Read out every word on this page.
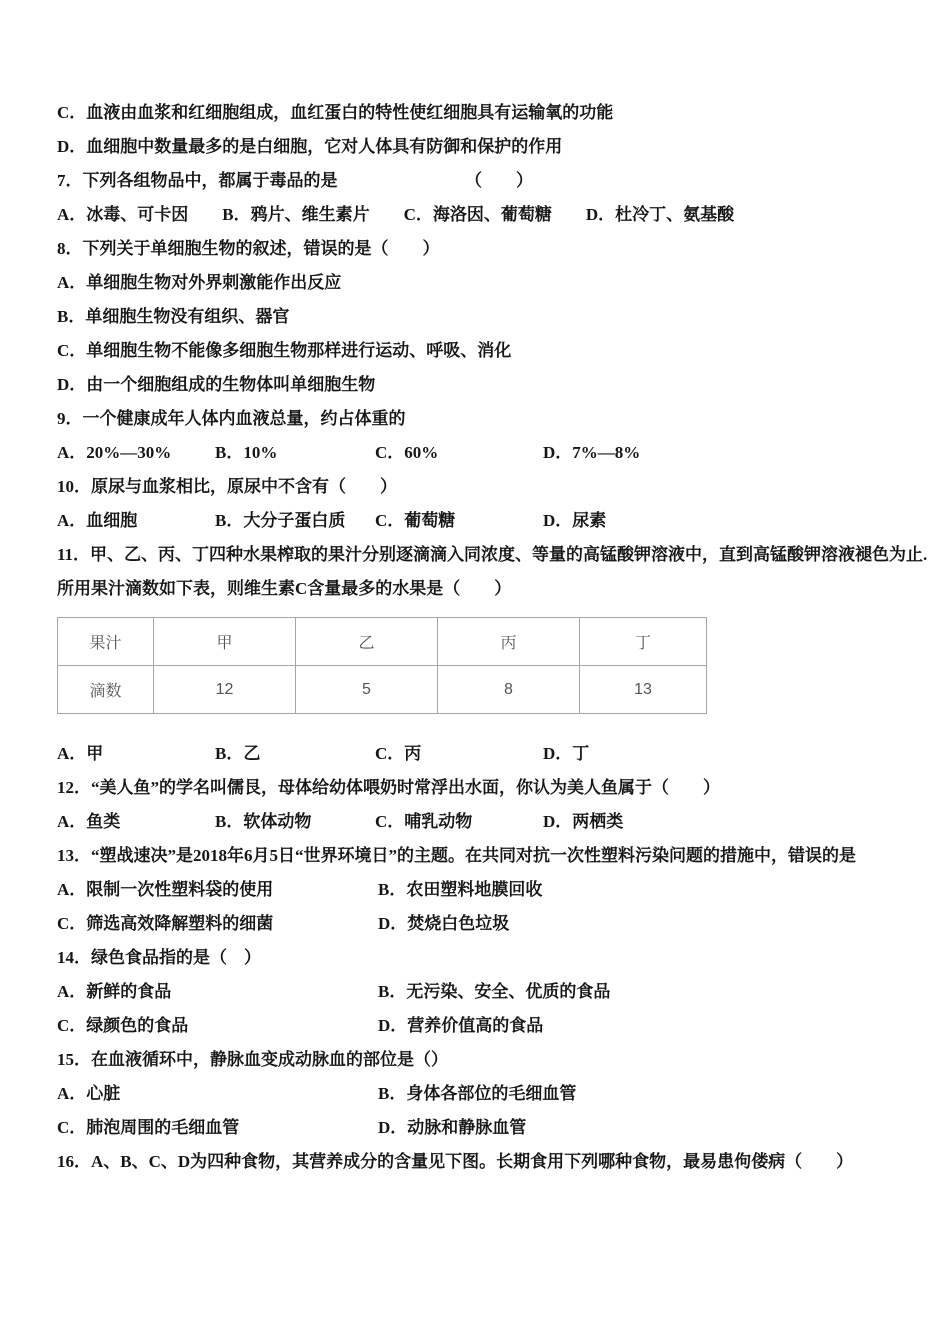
C．血液由血浆和红细胞组成，血红蛋白的特性使红细胞具有运输氧的功能
D．血细胞中数量最多的是白细胞，它对人体具有防御和保护的作用
7．下列各组物品中，都属于毒品的是　　　　　　　　（　　）
A．冰毒、可卡因　　B．鸦片、维生素片　　C．海洛因、葡萄糖　　D．杜冷丁、氨基酸
8．下列关于单细胞生物的叙述，错误的是（　　）
A．单细胞生物对外界刺激能作出反应
B．单细胞生物没有组织、器官
C．单细胞生物不能像多细胞生物那样进行运动、呼吸、消化
D．由一个细胞组成的生物体叫单细胞生物
9．一个健康成年人体内血液总量，约占体重的
A．20%—30%	B．10%	C．60%	D．7%—8%
10．原尿与血浆相比，原尿中不含有（　　）
A．血细胞	B．大分子蛋白质	C．葡萄糖	D．尿素
11．甲、乙、丙、丁四种水果榨取的果汁分别逐滴滴入同浓度、等量的高锰酸钾溶液中，直到高锰酸钾溶液褪色为止.
所用果汁滴数如下表，则维生素C含量最多的水果是（　　）
果汁	甲	乙	丙	丁
滴数	12	5	8	13
A．甲	B．乙	C．丙	D．丁
12．“美人鱼”的学名叫儒艮，母体给幼体喂奶时常浮出水面，你认为美人鱼属于（　　）
A．鱼类	B．软体动物	C．哺乳动物	D．两栖类
13．“塑战速决”是2018年6月5日“世界环境日”的主题。在共同对抗一次性塑料污染问题的措施中，错误的是
A．限制一次性塑料袋的使用	B．农田塑料地膜回收
C．筛选高效降解塑料的细菌	D．焚烧白色垃圾
14．绿色食品指的是（　）
A．新鲜的食品	B．无污染、安全、优质的食品
C．绿颜色的食品	D．营养价值高的食品
15．在血液循环中，静脉血变成动脉血的部位是（）
A．心脏	B．身体各部位的毛细血管
C．肺泡周围的毛细血管	D．动脉和静脉血管
16．A、B、C、D为四种食物，其营养成分的含量见下图。长期食用下列哪种食物，最易患佝偻病（　　）
